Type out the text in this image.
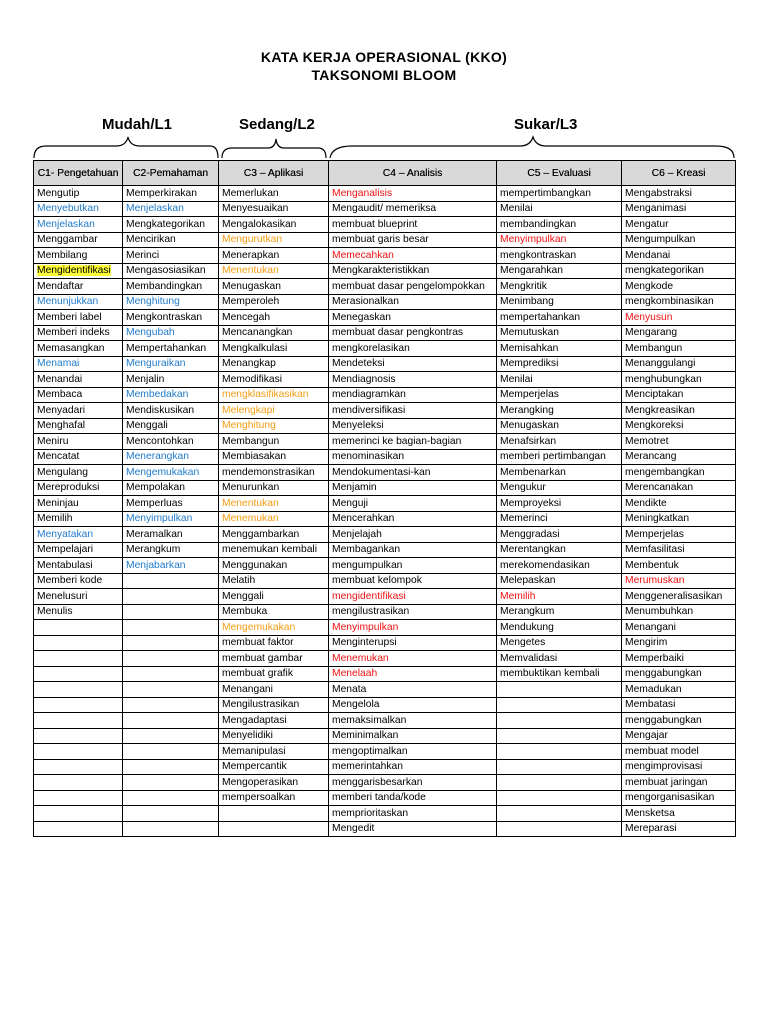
KATA KERJA OPERASIONAL (KKO)
TAKSONOMI BLOOM
Mudah/L1	Sedang/L2	Sukar/L3
C1- Pengetahuan	C2-Pemahaman	C3 – Aplikasi	C4 – Analisis	C5 – Evaluasi	C6 – Kreasi
Mengutip	Memperkirakan	Memerlukan	Menganalisis	mempertimbangkan	Mengabstraksi
Menyebutkan	Menjelaskan	Menyesuaikan	Mengaudit/ memeriksa	Menilai	Menganimasi
Menjelaskan	Mengkategorikan	Mengalokasikan	membuat blueprint	membandingkan	Mengatur
Menggambar	Mencirikan	Mengurutkan	membuat garis besar	Menyimpulkan	Mengumpulkan
Membilang	Merinci	Menerapkan	Memecahkan	mengkontraskan	Mendanai
Mengidentifikasi	Mengasosiasikan	Menentukan	Mengkarakteristikkan	Mengarahkan	mengkategorikan
Mendaftar	Membandingkan	Menugaskan	membuat dasar pengelompokkan	Mengkritik	Mengkode
Menunjukkan	Menghitung	Memperoleh	Merasionalkan	Menimbang	mengkombinasikan
Memberi label	Mengkontraskan	Mencegah	Menegaskan	mempertahankan	Menyusun
Memberi indeks	Mengubah	Mencanangkan	membuat dasar pengkontras	Memutuskan	Mengarang
Memasangkan	Mempertahankan	Mengkalkulasi	mengkorelasikan	Memisahkan	Membangun
Menamai	Menguraikan	Menangkap	Mendeteksi	Memprediksi	Menanggulangi
Menandai	Menjalin	Memodifikasi	Mendiagnosis	Menilai	menghubungkan
Membaca	Membedakan	mengklasifikasikan	mendiagramkan	Memperjelas	Menciptakan
Menyadari	Mendiskusikan	Melengkapi	mendiversifikasi	Merangking	Mengkreasikan
Menghafal	Menggali	Menghitung	Menyeleksi	Menugaskan	Mengkoreksi
Meniru	Mencontohkan	Membangun	memerinci ke bagian-bagian	Menafsirkan	Memotret
Mencatat	Menerangkan	Membiasakan	menominasikan	memberi pertimbangan	Merancang
Mengulang	Mengemukakan	mendemonstrasikan	Mendokumentasi-kan	Membenarkan	mengembangkan
Mereproduksi	Mempolakan	Menurunkan	Menjamin	Mengukur	Merencanakan
Meninjau	Memperluas	Menentukan	Menguji	Memproyeksi	Mendikte
Memilih	Menyimpulkan	Menemukan	Mencerahkan	Memerinci	Meningkatkan
Menyatakan	Meramalkan	Menggambarkan	Menjelajah	Menggradasi	Memperjelas
Mempelajari	Merangkum	menemukan kembali	Membagankan	Merentangkan	Memfasilitasi
Mentabulasi	Menjabarkan	Menggunakan	mengumpulkan	merekomendasikan	Membentuk
Memberi kode		Melatih	membuat kelompok	Melepaskan	Merumuskan
Menelusuri		Menggali	mengidentifikasi	Memilih	Menggeneralisasikan
Menulis		Membuka	mengilustrasikan	Merangkum	Menumbuhkan
		Mengemukakan	Menyimpulkan	Mendukung	Menangani
		membuat faktor	Menginterupsi	Mengetes	Mengirim
		membuat gambar	Menemukan	Memvalidasi	Memperbaiki
		membuat grafik	Menelaah	membuktikan kembali	menggabungkan
		Menangani	Menata		Memadukan
		Mengilustrasikan	Mengelola		Membatasi
		Mengadaptasi	memaksimalkan		menggabungkan
		Menyelidiki	Meminimalkan		Mengajar
		Memanipulasi	mengoptimalkan		membuat model
		Mempercantik	memerintahkan		mengimprovisasi
		Mengoperasikan	menggarisbesarkan		membuat jaringan
		mempersoalkan	memberi tanda/kode		mengorganisasikan
			memprioritaskan		Mensketsa
			Mengedit		Mereparasi
